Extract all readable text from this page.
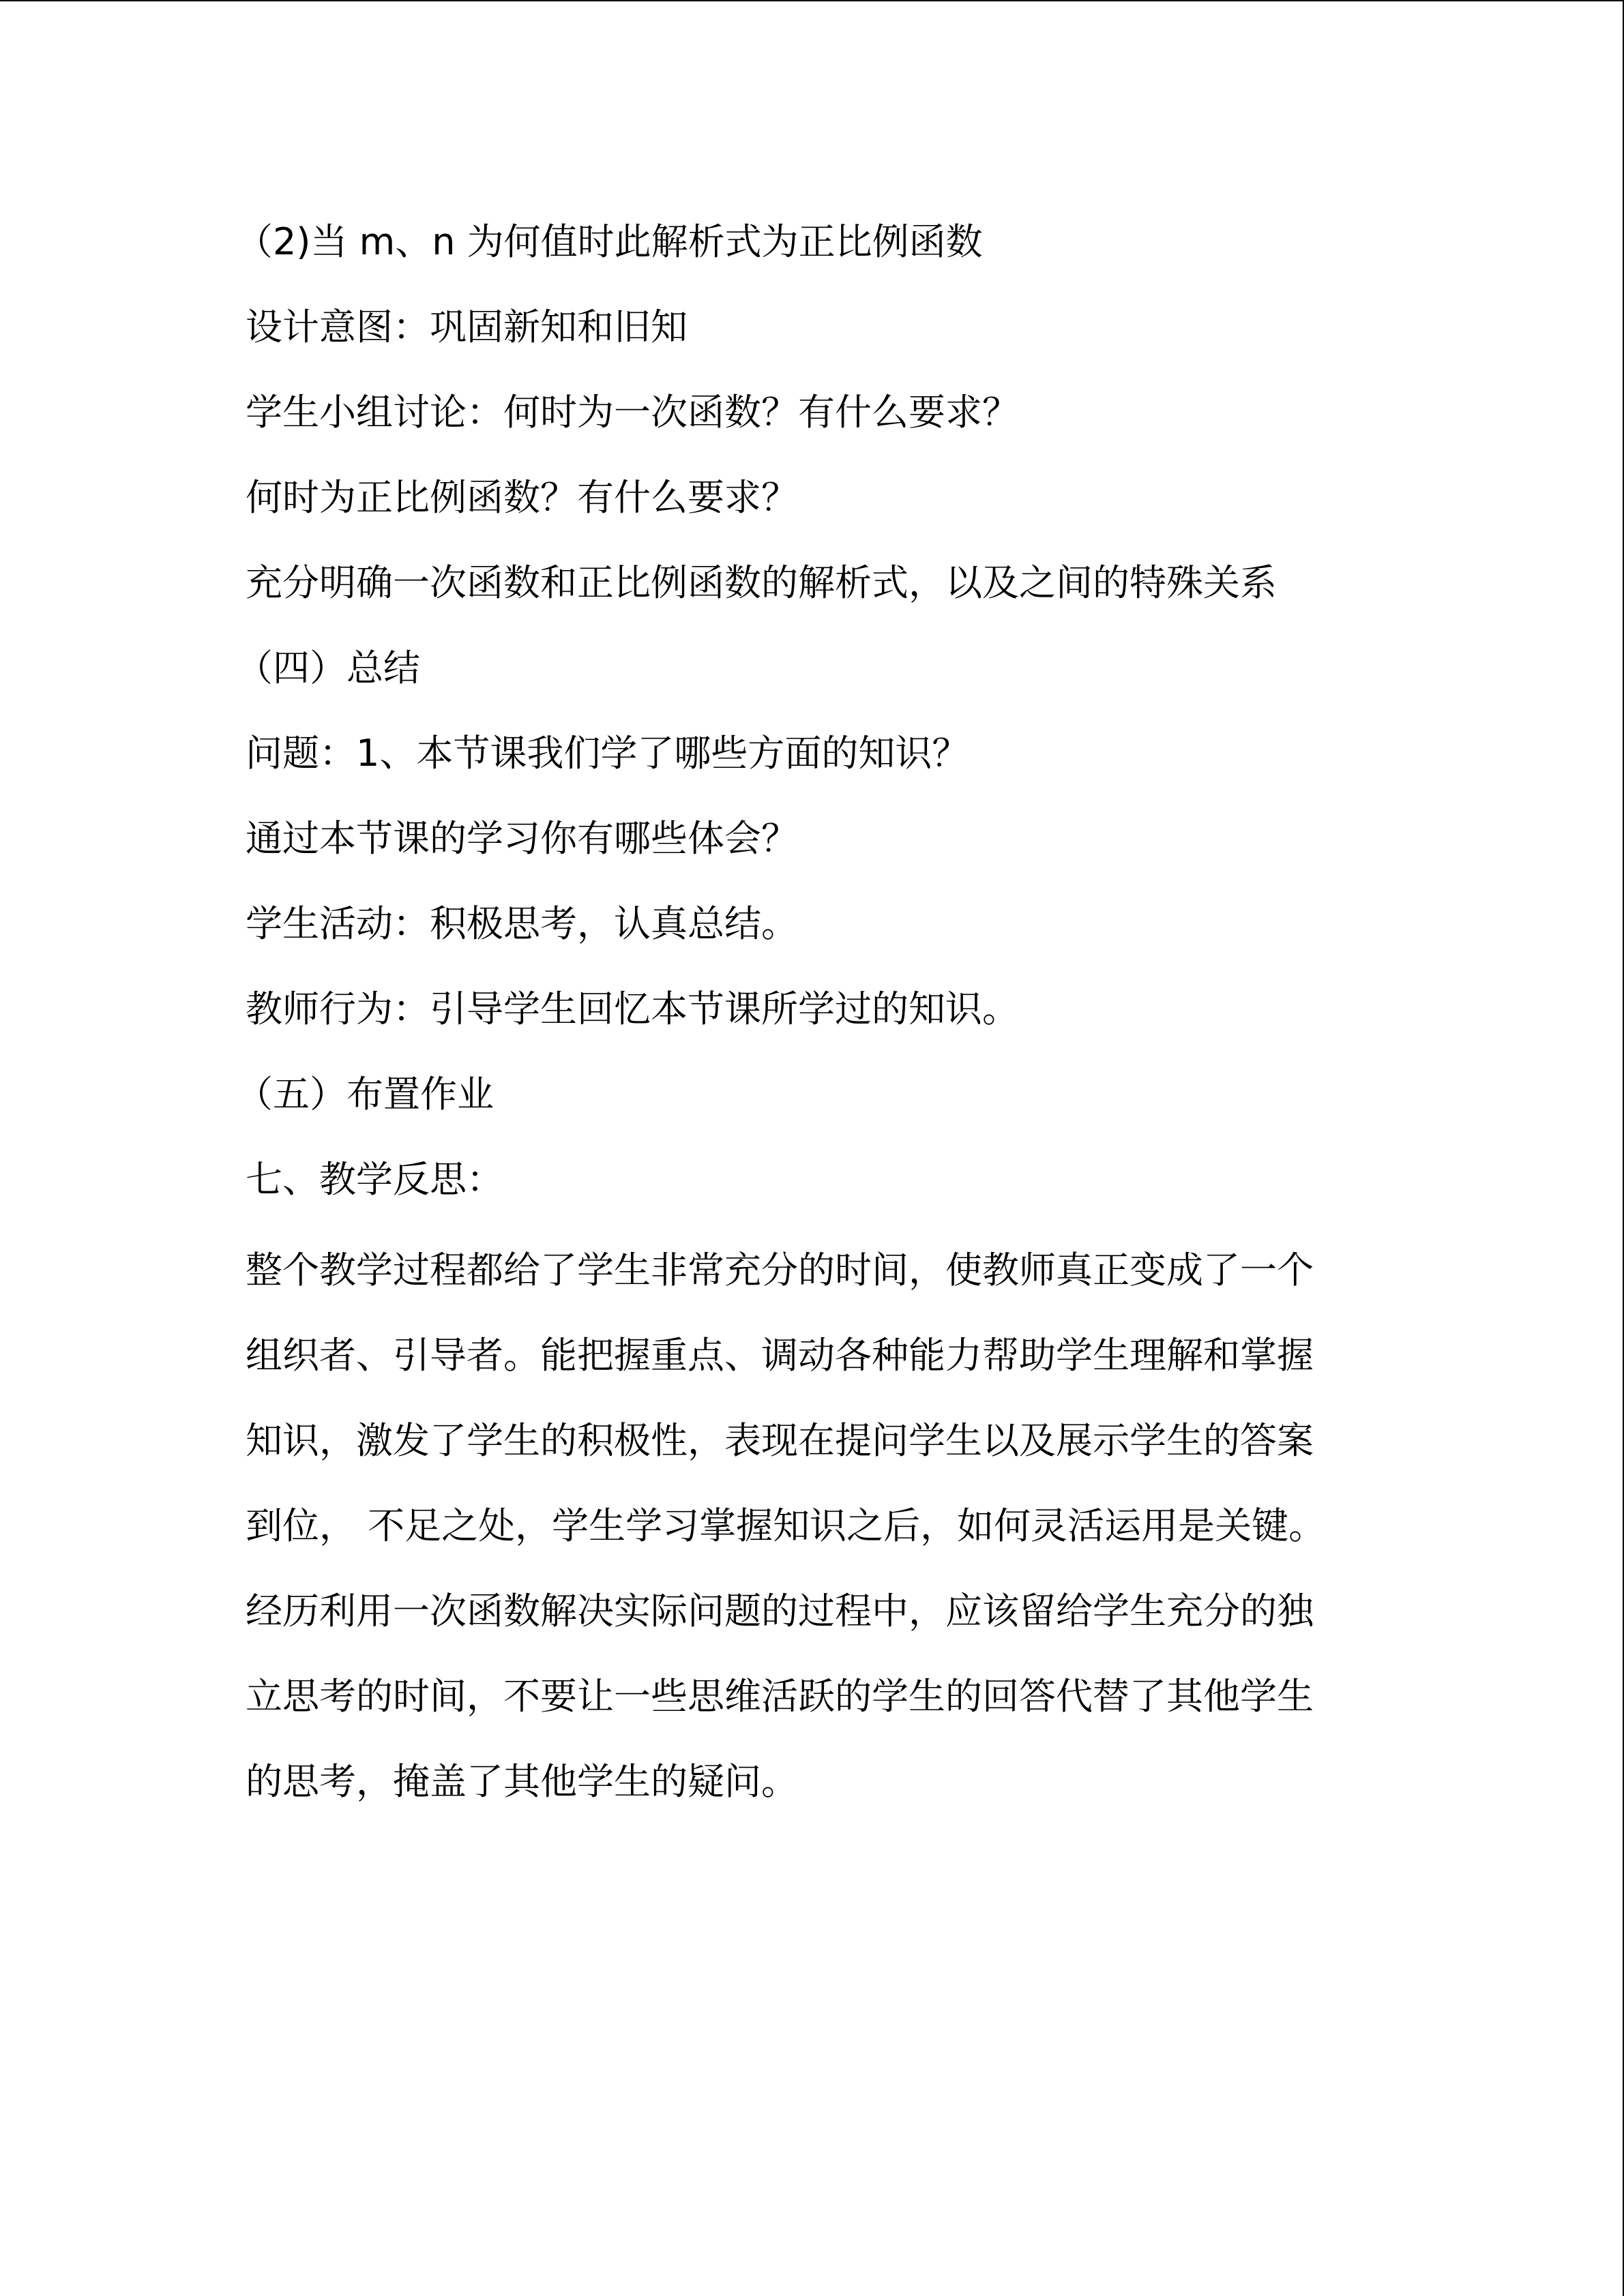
（2)当 m、n 为何值时此解析式为正比例函数
设计意图：巩固新知和旧知
学生小组讨论：何时为一次函数？有什么要求？
何时为正比例函数？有什么要求？
充分明确一次函数和正比例函数的解析式，以及之间的特殊关系
（四）总结
问题：1、本节课我们学了哪些方面的知识？
通过本节课的学习你有哪些体会？
学生活动：积极思考，认真总结。
教师行为：引导学生回忆本节课所学过的知识。
（五）布置作业
七、教学反思：
整个教学过程都给了学生非常充分的时间，使教师真正变成了一个
组织者、引导者。能把握重点、调动各种能力帮助学生理解和掌握
知识，激发了学生的积极性，表现在提问学生以及展示学生的答案
到位， 不足之处，学生学习掌握知识之后，如何灵活运用是关键。
经历利用一次函数解决实际问题的过程中，应该留给学生充分的独
立思考的时间，不要让一些思维活跃的学生的回答代替了其他学生
的思考，掩盖了其他学生的疑问。
